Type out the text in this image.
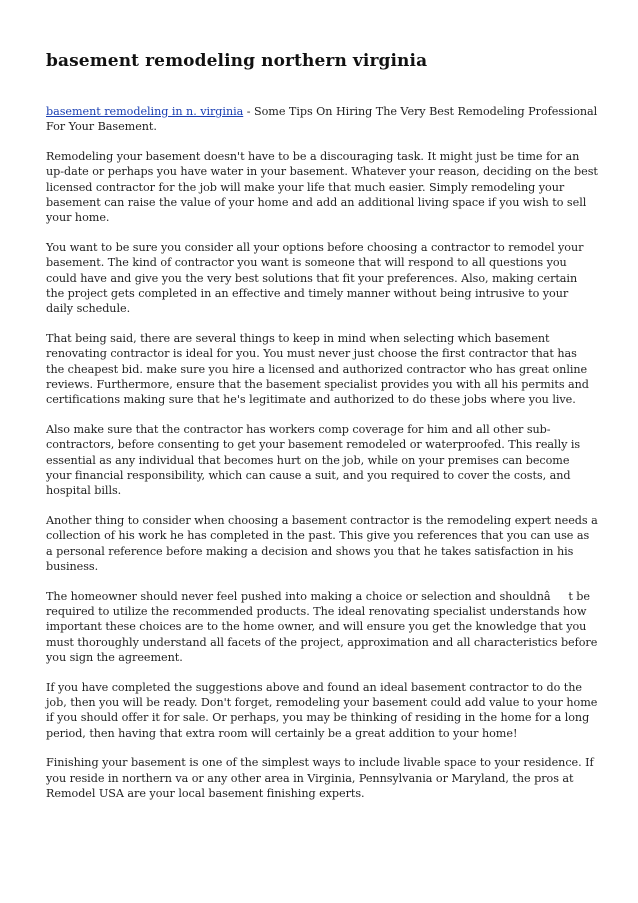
basement remodeling northern virginia

basement remodeling in n. virginia - Some Tips On Hiring The Very Best Remodeling Professional For Your Basement.

Remodeling your basement doesn't have to be a discouraging task. It might just be time for an up-date or perhaps you have water in your basement. Whatever your reason, deciding on the best licensed contractor for the job will make your life that much easier. Simply remodeling your basement can raise the value of your home and add an additional living space if you wish to sell your home.

You want to be sure you consider all your options before choosing a contractor to remodel your basement. The kind of contractor you want is someone that will respond to all questions you could have and give you the very best solutions that fit your preferences. Also, making certain the project gets completed in an effective and timely manner without being intrusive to your daily schedule.

That being said, there are several things to keep in mind when selecting which basement renovating contractor is ideal for you. You must never just choose the first contractor that has the cheapest bid. make sure you hire a licensed and authorized contractor who has great online reviews. Furthermore, ensure that the basement specialist provides you with all his permits and certifications making sure that he's legitimate and authorized to do these jobs where you live.

Also make sure that the contractor has workers comp coverage for him and all other sub-contractors, before consenting to get your basement remodeled or waterproofed. This really is essential as any individual that becomes hurt on the job, while on your premises can become your financial responsibility, which can cause a suit, and you required to cover the costs, and hospital bills.

Another thing to consider when choosing a basement contractor is the remodeling expert needs a collection of his work he has completed in the past. This give you references that you can use as a personal reference before making a decision and shows you that he takes satisfaction in his business.

The homeowner should never feel pushed into making a choice or selection and shouldnât be required to utilize the recommended products. The ideal renovating specialist understands how important these choices are to the home owner, and will ensure you get the knowledge that you must thoroughly understand all facets of the project, approximation and all characteristics before you sign the agreement.

If you have completed the suggestions above and found an ideal basement contractor to do the job, then you will be ready. Don't forget, remodeling your basement could add value to your home if you should offer it for sale. Or perhaps, you may be thinking of residing in the home for a long period, then having that extra room will certainly be a great addition to your home!

Finishing your basement is one of the simplest ways to include livable space to your residence. If you reside in northern va or any other area in Virginia, Pennsylvania or Maryland, the pros at Remodel USA are your local basement finishing experts.
